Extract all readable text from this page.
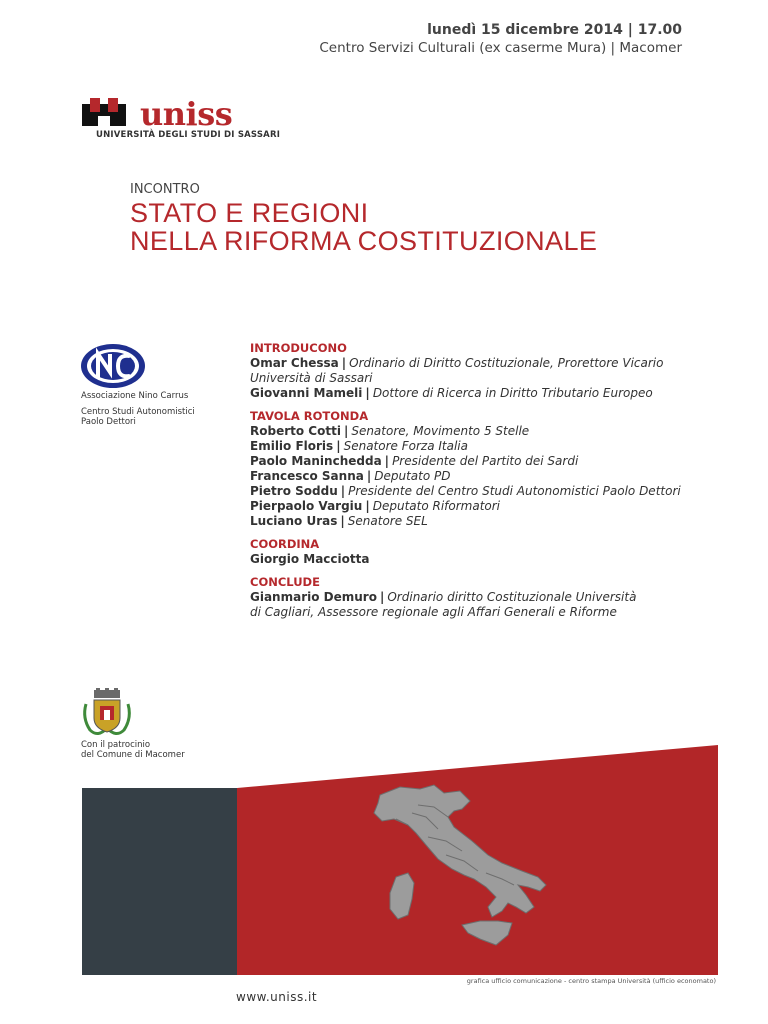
lunedì 15 dicembre 2014 | 17.00
Centro Servizi Culturali (ex caserme Mura) | Macomer
uniss
UNIVERSITÀ DEGLI STUDI DI SASSARI
INCONTRO
STATO E REGIONI
NELLA RIFORMA COSTITUZIONALE
Associazione Nino Carrus
Centro Studi Autonomistici
Paolo Dettori
INTRODUCONO
Omar Chessa | Ordinario di Diritto Costituzionale, Prorettore Vicario
Università di Sassari
Giovanni Mameli | Dottore di Ricerca in Diritto Tributario Europeo
TAVOLA ROTONDA
Roberto Cotti | Senatore, Movimento 5 Stelle
Emilio Floris | Senatore Forza Italia
Paolo Maninchedda | Presidente del Partito dei Sardi
Francesco Sanna | Deputato PD
Pietro Soddu | Presidente del Centro Studi Autonomistici Paolo Dettori
Pierpaolo Vargiu | Deputato Riformatori
Luciano Uras | Senatore SEL
COORDINA
Giorgio Macciotta
CONCLUDE
Gianmario Demuro | Ordinario diritto Costituzionale Università
di Cagliari, Assessore regionale agli Affari Generali e Riforme
Con il patrocinio
del Comune di Macomer
grafica ufficio comunicazione - centro stampa Università (ufficio economato)
www.uniss.it
